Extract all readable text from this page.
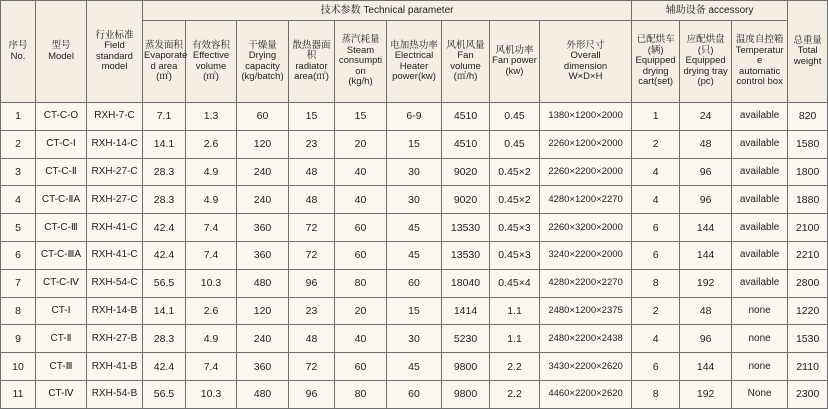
序号
No.	型号
Model	行业标准
Field
standard
model	技术参数 Technical parameter									辅助设备 accessory			总重量
Total
weight
			蒸发面积
Evaporate
d area
(㎡)	有效容积
Effective
volume
(㎡)	干燥量
Drying
capacity
(kg/batch)	散热器面
积
radiator
area(㎡)	蒸汽耗量
Steam
consumpti
on
(kg/h)	电加热功率
Electrical
Heater
power(kw)	风机风量
Fan
volume
(㎡/h)	风机功率
Fan power
(kw)	外形尺寸
Overall
dimension
W×D×H	已配烘车
(辆)
Equipped
drying
cart(set)	应配烘盘
(只)
Equipped
drying tray
(pc)	温度自控箱
Temperatur
e
automatic
control box	
1	CT-C-O	RXH-7-C	7.1	1.3	60	15	15	6-9	4510	0.45	1380×1200×2000	1	24	available	820
2	CT-C-Ⅰ	RXH-14-C	14.1	2.6	120	23	20	15	4510	0.45	2260×1200×2000	2	48	available	1580
3	CT-C-Ⅱ	RXH-27-C	28.3	4.9	240	48	40	30	9020	0.45×2	2260×2200×2000	4	96	available	1800
4	CT-C-ⅡA	RXH-27-C	28.3	4.9	240	48	40	30	9020	0.45×2	4280×1200×2270	4	96	available	1880
5	CT-C-Ⅲ	RXH-41-C	42.4	7.4	360	72	60	45	13530	0.45×3	2260×3200×2000	6	144	available	2100
6	CT-C-ⅢA	RXH-41-C	42.4	7.4	360	72	60	45	13530	0.45×3	3240×2200×2000	6	144	available	2210
7	CT-C-Ⅳ	RXH-54-C	56.5	10.3	480	96	80	60	18040	0.45×4	4280×2200×2270	8	192	available	2800
8	CT-Ⅰ	RXH-14-B	14.1	2.6	120	23	20	15	1414	1.1	2480×1200×2375	2	48	none	1220
9	CT-Ⅱ	RXH-27-B	28.3	4.9	240	48	40	30	5230	1.1	2480×2200×2438	4	96	none	1530
10	CT-Ⅲ	RXH-41-B	42.4	7.4	360	72	60	45	9800	2.2	3430×2200×2620	6	144	none	2110
11	CT-Ⅳ	RXH-54-B	56.5	10.3	480	96	80	60	9800	2.2	4460×2200×2620	8	192	None	2300
